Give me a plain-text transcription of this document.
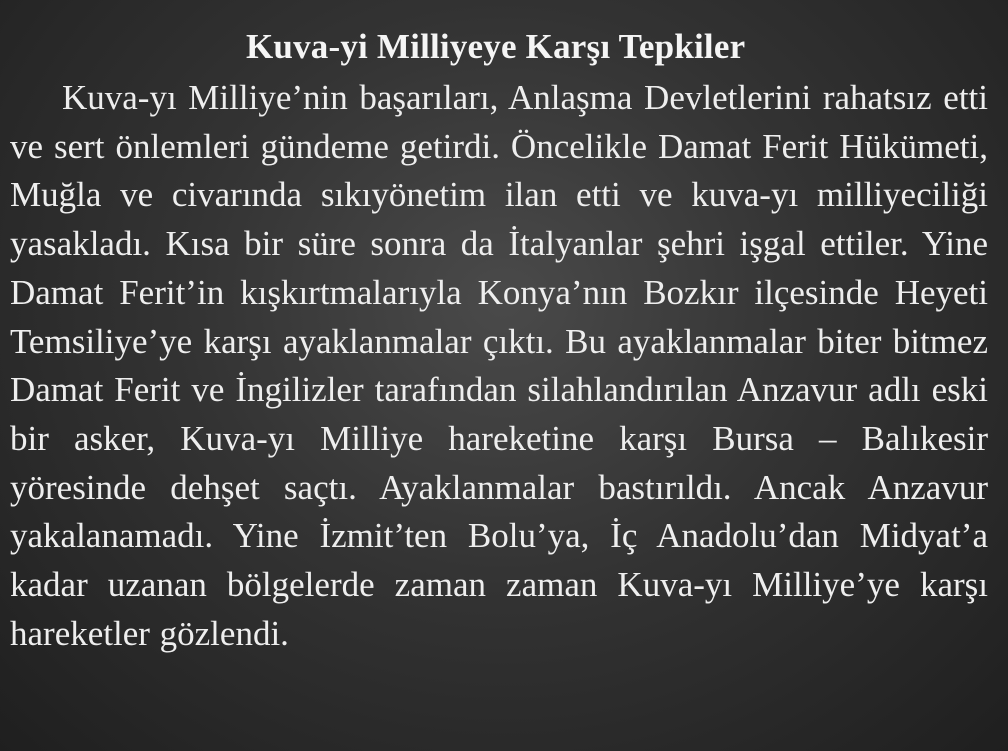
Kuva-yi Milliyeye Karşı Tepkiler

Kuva-yı Milliye’nin başarıları, Anlaşma Devletlerini rahatsız etti ve sert önlemleri gündeme getirdi. Öncelikle Damat Ferit Hükümeti, Muğla ve civarında sıkıyönetim ilan etti ve kuva-yı milliyeciliği yasakladı. Kısa bir süre sonra da İtalyanlar şehri işgal ettiler. Yine Damat Ferit’in kışkırtmalarıyla Konya’nın Bozkır ilçesinde Heyeti Temsiliye’ye karşı ayaklanmalar çıktı. Bu ayaklanmalar biter bitmez Damat Ferit ve İngilizler tarafından silahlandırılan Anzavur adlı eski bir asker, Kuva-yı Milliye hareketine karşı Bursa – Balıkesir yöresinde dehşet saçtı. Ayaklanmalar bastırıldı. Ancak Anzavur yakalanamadı. Yine İzmit’ten Bolu’ya, İç Anadolu’dan Midyat’a kadar uzanan bölgelerde zaman zaman Kuva-yı Milliye’ye karşı hareketler gözlendi.
